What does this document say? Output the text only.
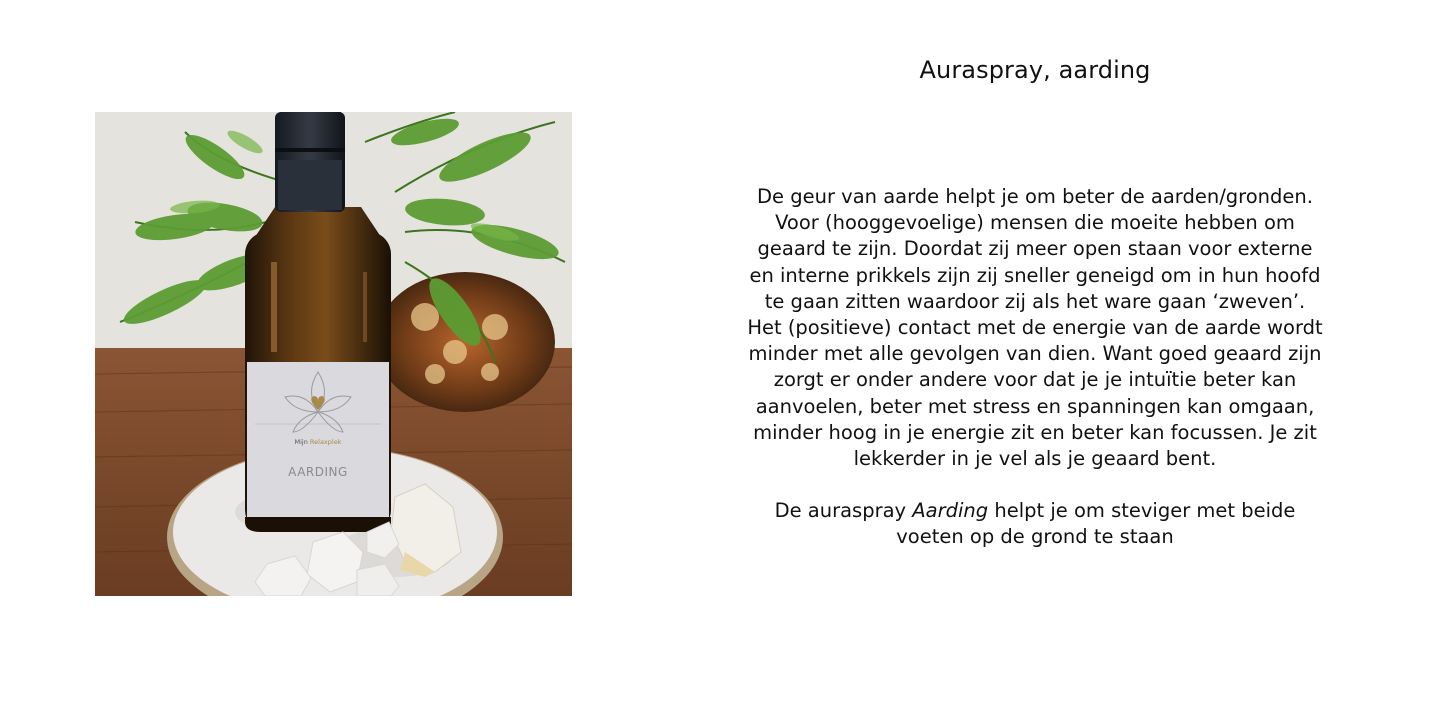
Mijn Relaxplek
AARDING
Auraspray, aarding

De geur van aarde helpt je om beter de aarden/gronden. Voor (hooggevoelige) mensen die moeite hebben om geaard te zijn. Doordat zij meer open staan voor externe en interne prikkels zijn zij sneller geneigd om in hun hoofd te gaan zitten waardoor zij als het ware gaan ‘zweven’. Het (positieve) contact met de energie van de aarde wordt minder met alle gevolgen van dien. Want goed geaard zijn zorgt er onder andere voor dat je je intuïtie beter kan aanvoelen, beter met stress en spanningen kan omgaan, minder hoog in je energie zit en beter kan focussen. Je zit lekkerder in je vel als je geaard bent.

De auraspray Aarding helpt je om steviger met beide voeten op de grond te staan
